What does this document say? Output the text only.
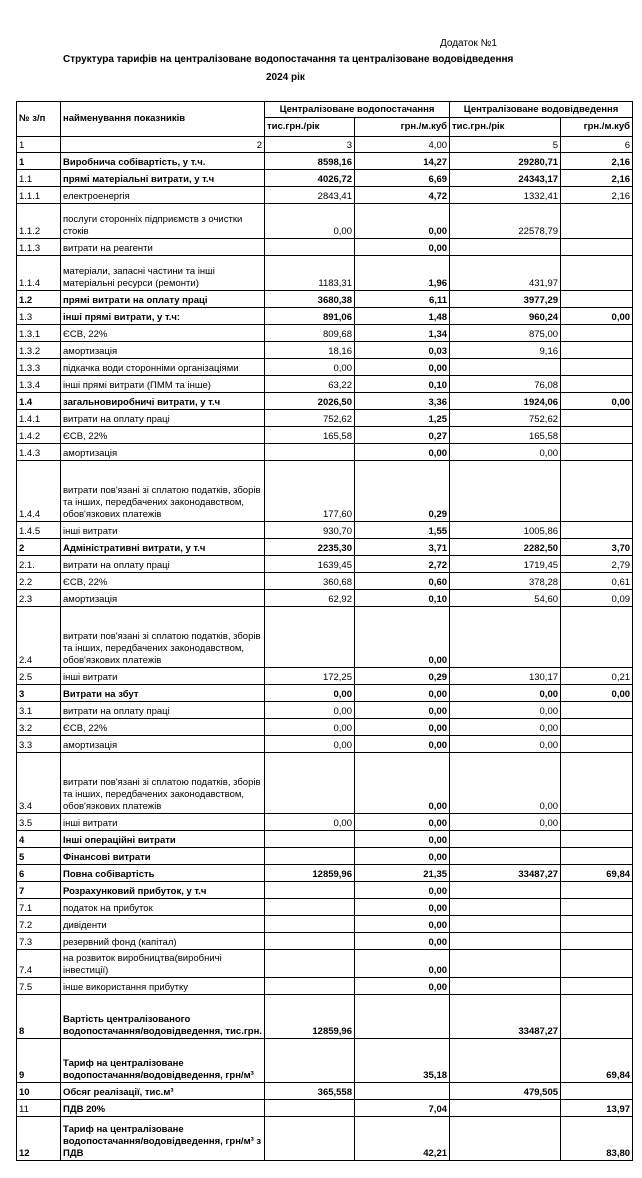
Додаток №1
Структура тарифів на централізоване водопостачання та централізоване водовідведення
2024 рік
№ з/п	найменування показників	Централізоване водопостачання		Централізоване водовідведення	
		тис.грн./рік	грн./м.куб	тис.грн./рік	грн./м.куб
1	2	3	4,00	5	6
1	Виробнича собівартість, у т.ч.	8598,16	14,27	29280,71	2,16
1.1	прямі матеріальні витрати, у т.ч	4026,72	6,69	24343,17	2,16
1.1.1	електроенергія	2843,41	4,72	1332,41	2,16
1.1.2	послуги сторонніх підприємств з очистки стоків	0,00	0,00	22578,79	
1.1.3	витрати на реагенти		0,00		
1.1.4	матеріали, запасні частини та інші матеріальні ресурси (ремонти)	1183,31	1,96	431,97	
1.2	прямі витрати на оплату праці	3680,38	6,11	3977,29	
1.3	інші прямі витрати, у т.ч:	891,06	1,48	960,24	0,00
1.3.1	ЄСВ, 22%	809,68	1,34	875,00	
1.3.2	амортизація	18,16	0,03	9,16	
1.3.3	підкачка води сторонніми організаціями	0,00	0,00		
1.3.4	інші прямі витрати (ПММ та інше)	63,22	0,10	76,08	
1.4	загальновиробничі витрати, у т.ч	2026,50	3,36	1924,06	0,00
1.4.1	витрати на оплату праці	752,62	1,25	752,62	
1.4.2	ЄСВ, 22%	165,58	0,27	165,58	
1.4.3	амортизація		0,00	0,00	
1.4.4	витрати пов'язані зі сплатою податків, зборів та інших, передбачених законодавством, обов'язкових платежів	177,60	0,29		
1.4.5	інші витрати	930,70	1,55	1005,86	
2	Адміністративні витрати, у т.ч	2235,30	3,71	2282,50	3,70
2.1.	витрати на оплату праці	1639,45	2,72	1719,45	2,79
2.2	ЄСВ, 22%	360,68	0,60	378,28	0,61
2.3	амортизація	62,92	0,10	54,60	0,09
2.4	витрати пов'язані зі сплатою податків, зборів та інших, передбачених законодавством, обов'язкових платежів		0,00		
2.5	інші витрати	172,25	0,29	130,17	0,21
3	Витрати на збут	0,00	0,00	0,00	0,00
3.1	витрати на оплату праці	0,00	0,00	0,00	
3.2	ЄСВ, 22%	0,00	0,00	0,00	
3.3	амортизація	0,00	0,00	0,00	
3.4	витрати пов'язані зі сплатою податків, зборів та інших, передбачених законодавством, обов'язкових платежів		0,00	0,00	
3.5	інші витрати	0,00	0,00	0,00	
4	Інші операційні витрати		0,00		
5	Фінансові витрати		0,00		
6	Повна собівартість	12859,96	21,35	33487,27	69,84
7	Розрахунковий прибуток, у т.ч		0,00		
7.1	податок на прибуток		0,00		
7.2	дивіденти		0,00		
7.3	резервний фонд (капітал)		0,00		
7.4	на розвиток виробництва(виробничі інвестиції)		0,00		
7.5	інше використання прибутку		0,00		
8	Вартість централізованого водопостачання/водовідведення, тис.грн.	12859,96		33487,27	
9	Тариф на централізоване водопостачання/водовідведення, грн/м³		35,18		69,84
10	Обсяг реалізації, тис.м³	365,558		479,505	
11	ПДВ 20%		7,04		13,97
12	Тариф на централізоване водопостачання/водовідведення, грн/м³ з ПДВ		42,21		83,80
